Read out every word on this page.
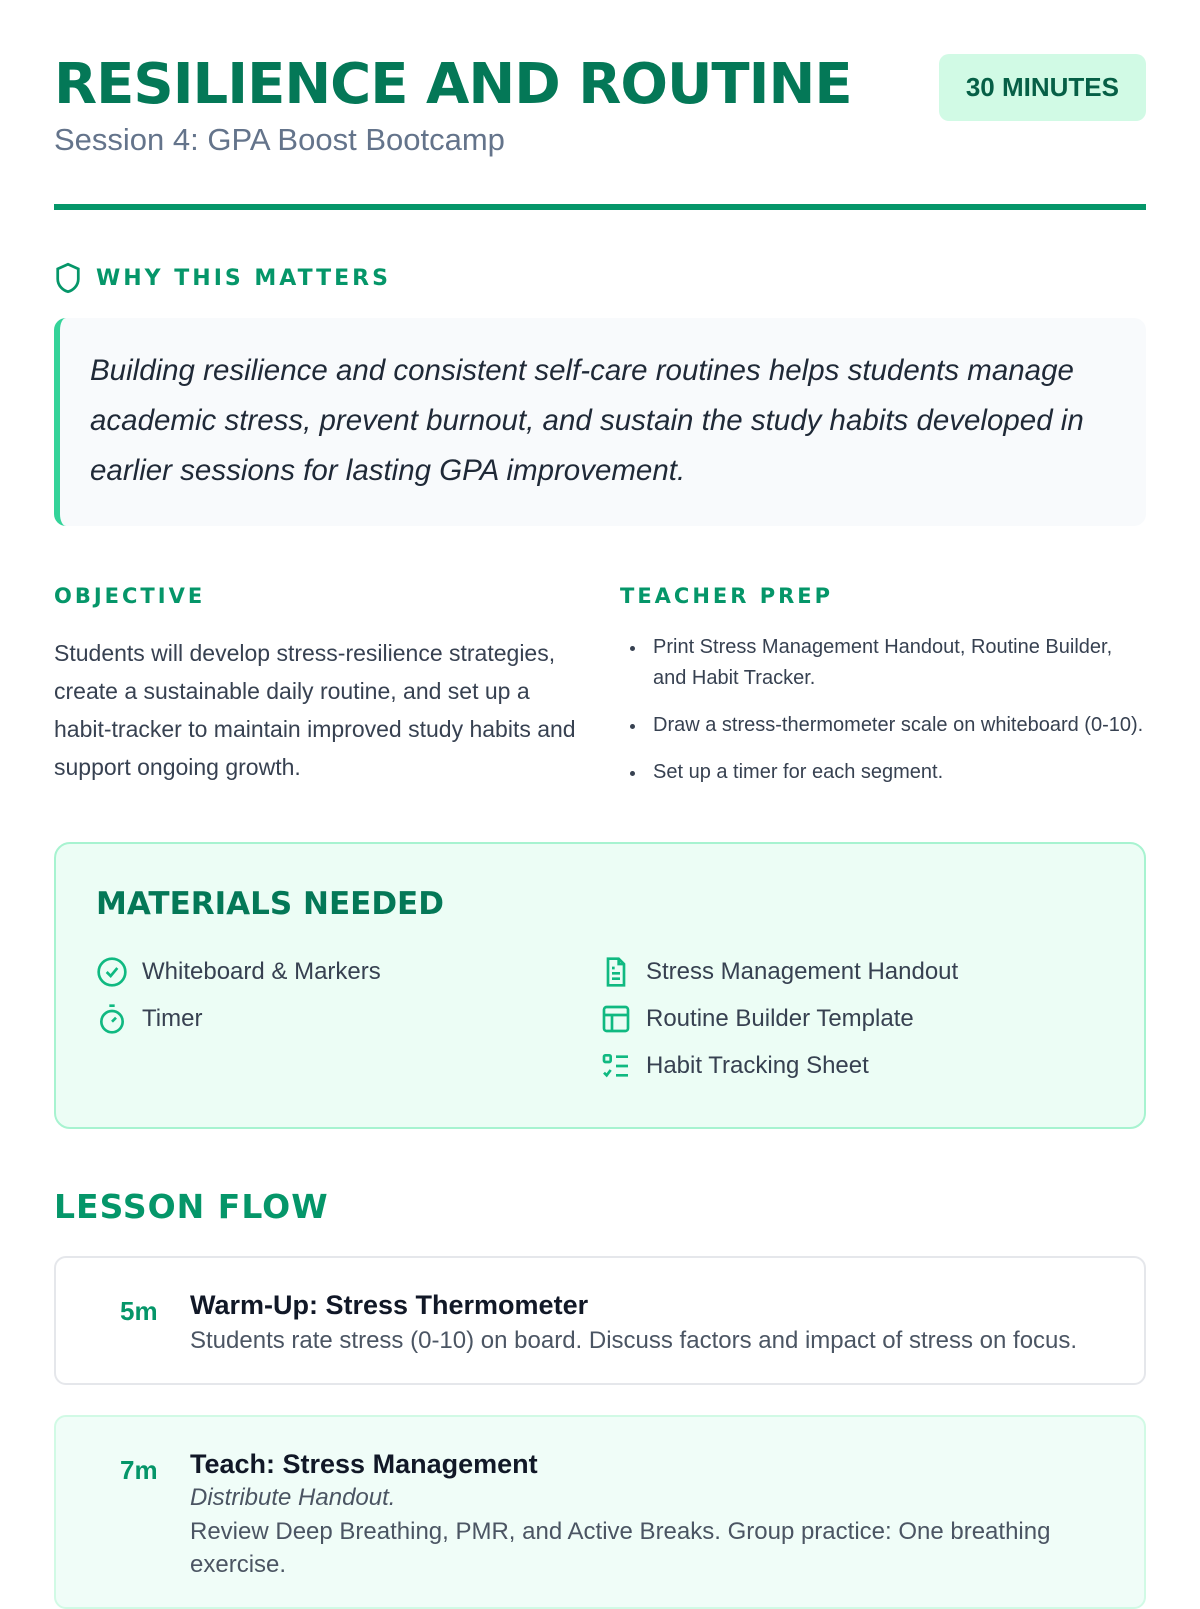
RESILIENCE AND ROUTINE
Session 4: GPA Boost Bootcamp
30 MINUTES
WHY THIS MATTERS
Building resilience and consistent self-care routines helps students manage academic stress, prevent burnout, and sustain the study habits developed in earlier sessions for lasting GPA improvement.
OBJECTIVE

Students will develop stress-resilience strategies, create a sustainable daily routine, and set up a habit-tracker to maintain improved study habits and support ongoing growth.

TEACHER PREP
Print Stress Management Handout, Routine Builder, and Habit Tracker.
Draw a stress-thermometer scale on whiteboard (0-10).
Set up a timer for each segment.
MATERIALS NEEDED
Whiteboard & Markers
Timer
Stress Management Handout
Routine Builder Template
Habit Tracking Sheet
LESSON FLOW
5m	Warm-Up: Stress Thermometer
Students rate stress (0-10) on board. Discuss factors and impact of stress on focus.
7m	Teach: Stress Management
Distribute Handout.
Review Deep Breathing, PMR, and Active Breaks. Group practice: One breathing exercise.
